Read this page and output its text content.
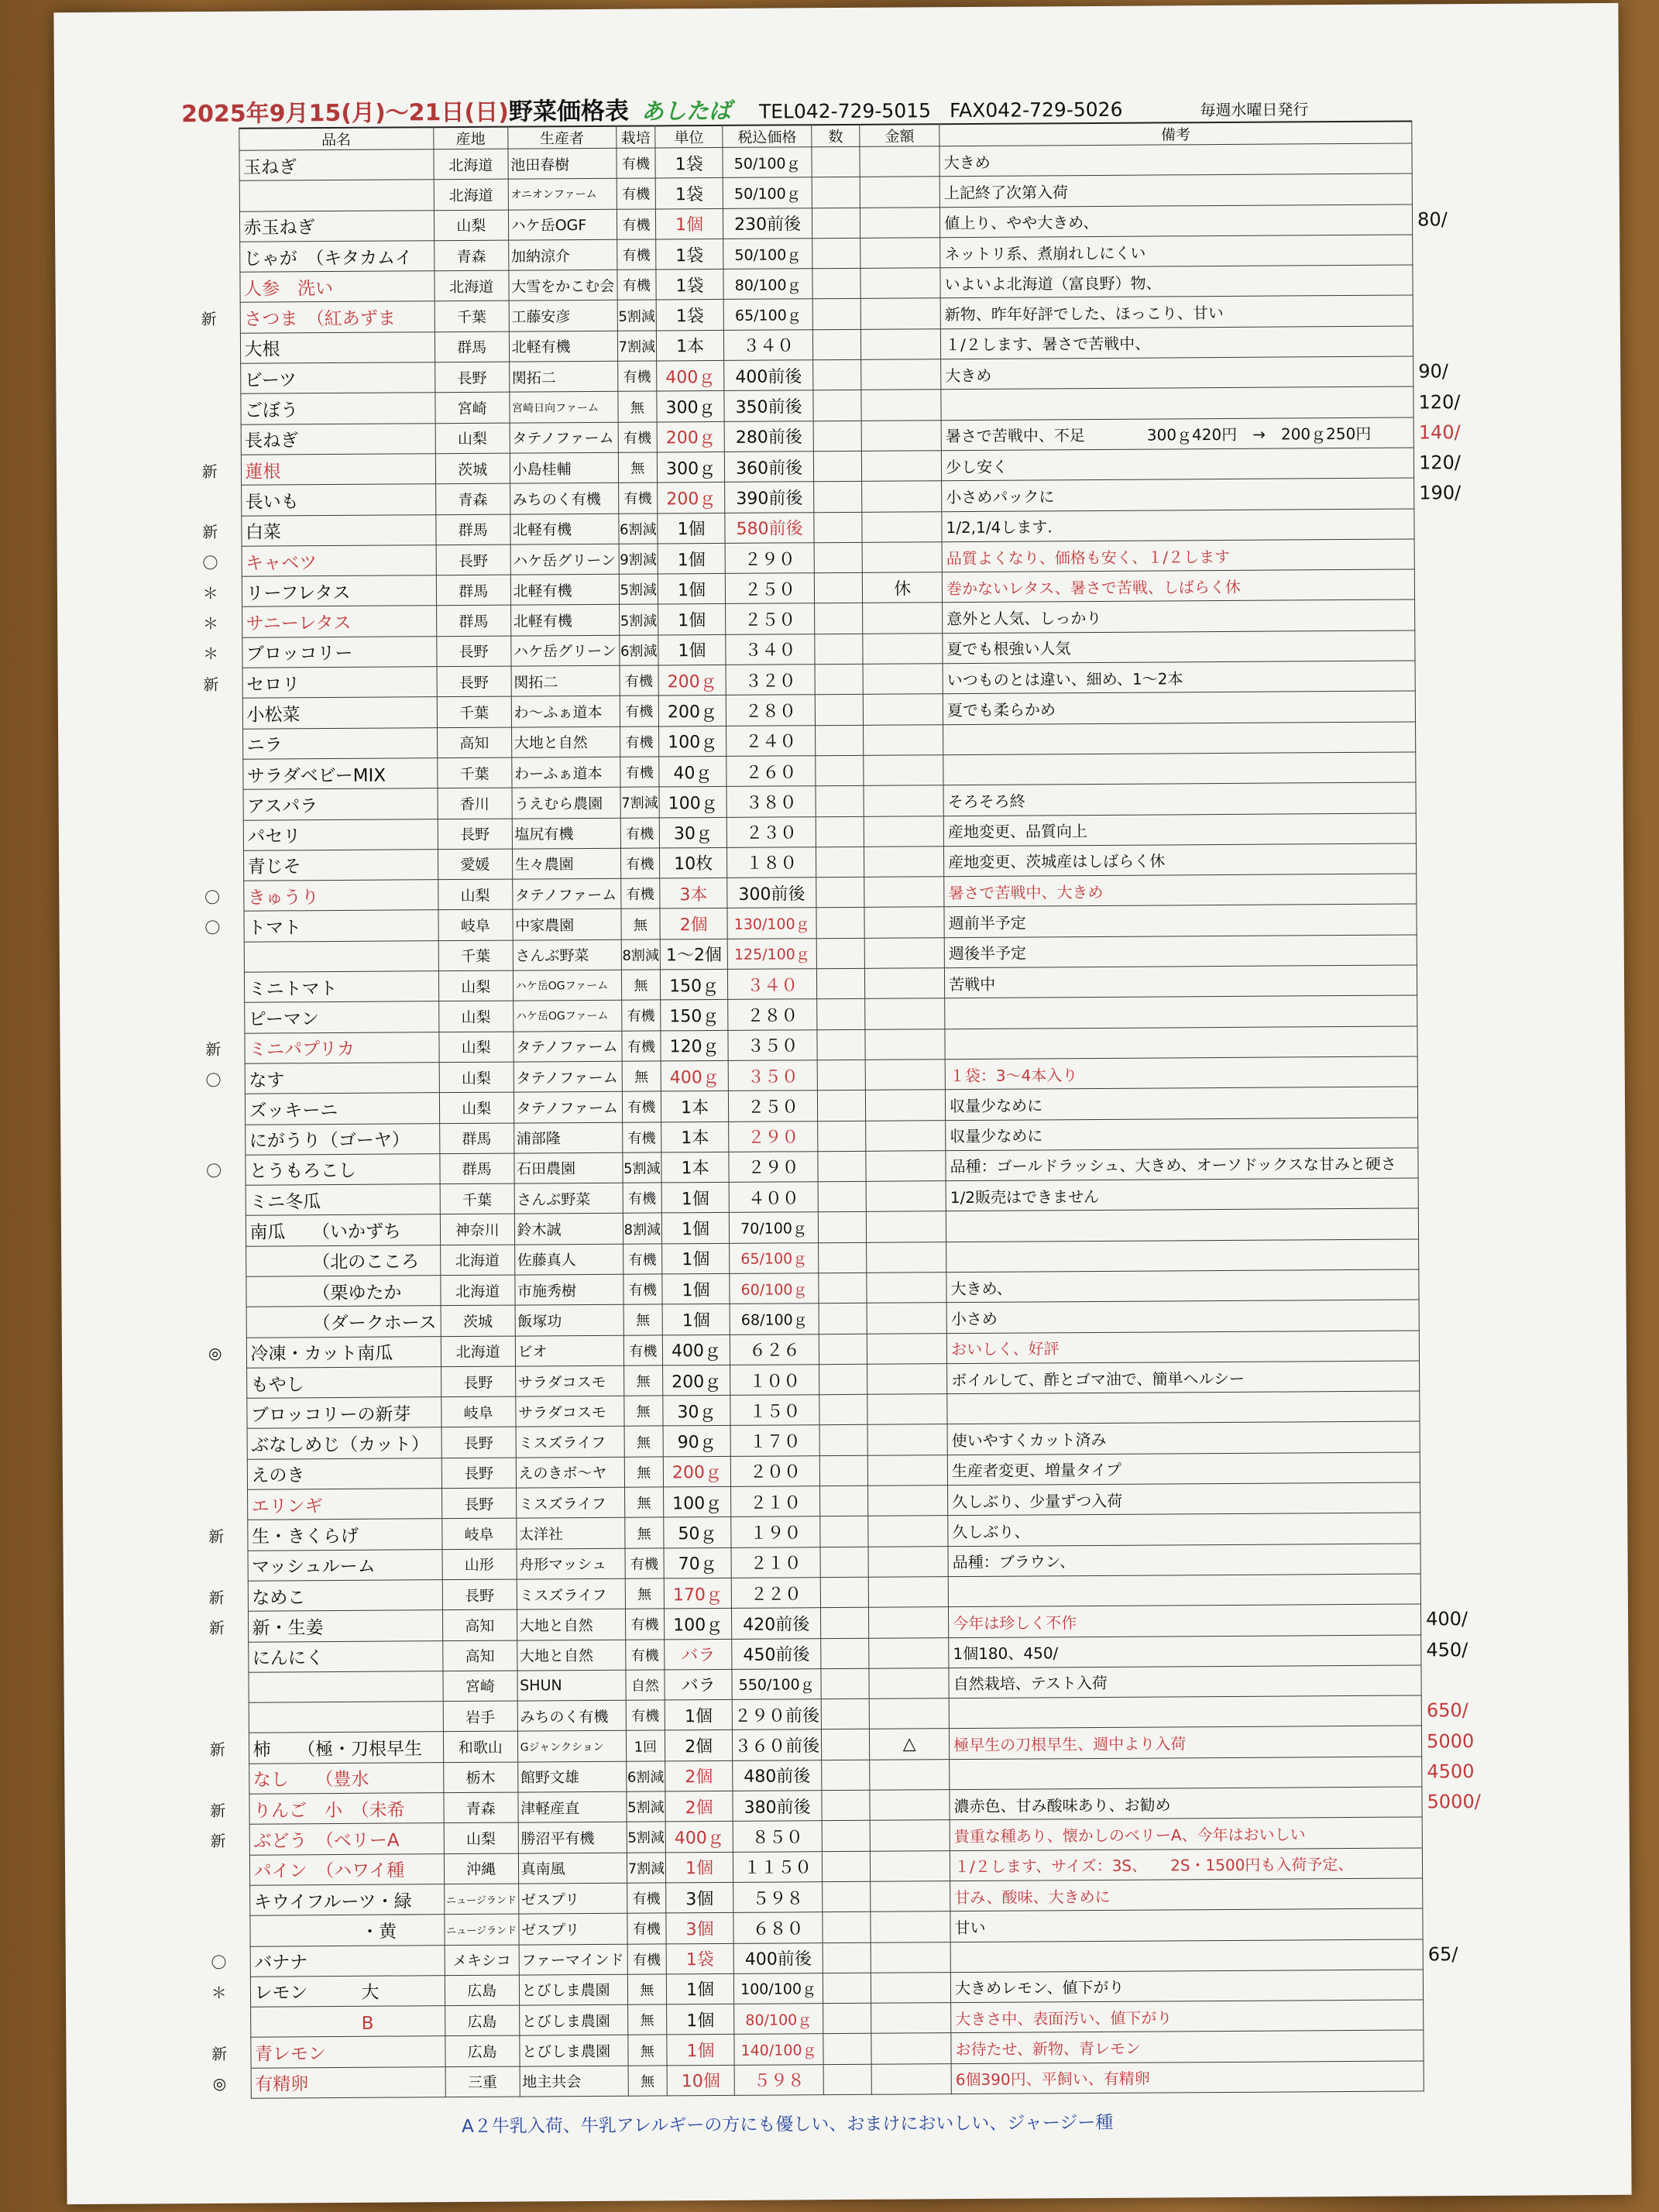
2025年9月15(月)～21日(日) 野菜価格表 あしたば TEL042-729-5015 FAX042-729-5026	毎週水曜日発行
	品名	産地	生産者	栽培	単位	税込価格	数	金額	備考	
	玉ねぎ	北海道	池田春樹	有機	1袋	50/100ｇ			大きめ	
		北海道	オニオンファーム	有機	1袋	50/100ｇ			上記終了次第入荷	
	赤玉ねぎ	山梨	ハケ岳OGF	有機	1個	230前後			値上り、やや大きめ、	80/
	じゃが　（キタカムイ	青森	加納涼介	有機	1袋	50/100ｇ			ネットリ系、煮崩れしにくい	
	人参　洗い	北海道	大雪をかこむ会	有機	1袋	80/100ｇ			いよいよ北海道（富良野）物、	
新	さつま　（紅あずま	千葉	工藤安彦	5割減	1袋	65/100ｇ			新物、昨年好評でした、ほっこり、甘い	
	大根	群馬	北軽有機	7割減	1本	３４０			１/２します、暑さで苦戦中、	
	ビーツ	長野	関拓二	有機	400ｇ	400前後			大きめ	90/
	ごぼう	宮崎	宮崎日向ファーム	無	300ｇ	350前後				120/
	長ねぎ	山梨	タテノファーム	有機	200ｇ	280前後			暑さで苦戦中、不足　　　　300ｇ420円　→　200ｇ250円	140/
新	蓮根	茨城	小島桂輔	無	300ｇ	360前後			少し安く	120/
	長いも	青森	みちのく有機	有機	200ｇ	390前後			小さめパックに	190/
新	白菜	群馬	北軽有機	6割減	1個	580前後			1/2,1/4します.	
〇	キャベツ	長野	ハケ岳グリーン	9割減	1個	２９０			品質よくなり、価格も安く、１/２します	
＊	リーフレタス	群馬	北軽有機	5割減	1個	２５０		休	巻かないレタス、暑さで苦戦、しばらく休	
＊	サニーレタス	群馬	北軽有機	5割減	1個	２５０			意外と人気、しっかり	
＊	ブロッコリー	長野	ハケ岳グリーン	6割減	1個	３４０			夏でも根強い人気	
新	セロリ	長野	関拓二	有機	200ｇ	３２０			いつものとは違い、細め、1～2本	
	小松菜	千葉	わ～ふぁ道本	有機	200ｇ	２８０			夏でも柔らかめ	
	ニラ	高知	大地と自然	有機	100ｇ	２４０				
	サラダベビーMIX	千葉	わーふぁ道本	有機	40ｇ	２６０				
	アスパラ	香川	うえむら農園	7割減	100ｇ	３８０			そろそろ終	
	パセリ	長野	塩尻有機	有機	30ｇ	２３０			産地変更、品質向上	
	青じそ	愛媛	生々農園	有機	10枚	１８０			産地変更、茨城産はしばらく休	
〇	きゅうり	山梨	タテノファーム	有機	3本	300前後			暑さで苦戦中、大きめ	
〇	トマト	岐阜	中家農園	無	2個	130/100ｇ			週前半予定	
		千葉	さんぶ野菜	8割減	1～2個	125/100ｇ			週後半予定	
	ミニトマト	山梨	ハケ岳OGファーム	無	150ｇ	３４０			苦戦中	
	ピーマン	山梨	ハケ岳OGファーム	有機	150ｇ	２８０				
新	ミニパプリカ	山梨	タテノファーム	有機	120ｇ	３５０				
〇	なす	山梨	タテノファーム	無	400ｇ	３５０			１袋：3～4本入り	
	ズッキーニ	山梨	タテノファーム	有機	1本	２５０			収量少なめに	
	にがうり（ゴーヤ）	群馬	浦部隆	有機	1本	２９０			収量少なめに	
〇	とうもろこし	群馬	石田農園	5割減	1本	２９０			品種：ゴールドラッシュ、大きめ、オーソドックスな甘みと硬さ	
	ミニ冬瓜	千葉	さんぶ野菜	有機	1個	４００			1/2販売はできません	
	南瓜　　（いかずち	神奈川	鈴木誠	8割減	1個	70/100ｇ				
	　　　　（北のこころ	北海道	佐藤真人	有機	1個	65/100ｇ				
	　　　　（栗ゆたか	北海道	市施秀樹	有機	1個	60/100ｇ			大きめ、	
	　　　　（ダークホース	茨城	飯塚功	無	1個	68/100ｇ			小さめ	
◎	冷凍・カット南瓜	北海道	ビオ	有機	400ｇ	６２６			おいしく、好評	
	もやし	長野	サラダコスモ	無	200ｇ	１００			ボイルして、酢とゴマ油で、簡単ヘルシー	
	ブロッコリーの新芽	岐阜	サラダコスモ	無	30ｇ	１５０				
	ぶなしめじ（カット）	長野	ミスズライフ	無	90ｇ	１７０			使いやすくカット済み	
	えのき	長野	えのきボ～ヤ	無	200ｇ	２００			生産者変更、増量タイプ	
	エリンギ	長野	ミスズライフ	無	100ｇ	２１０			久しぶり、少量ずつ入荷	
新	生・きくらげ	岐阜	太洋社	無	50ｇ	１９０			久しぶり、	
	マッシュルーム	山形	舟形マッシュ	有機	70ｇ	２１０			品種：ブラウン、	
新	なめこ	長野	ミスズライフ	無	170ｇ	２２０				
新	新・生姜	高知	大地と自然	有機	100ｇ	420前後			今年は珍しく不作	400/
	にんにく	高知	大地と自然	有機	バラ	450前後			1個180、450/	450/
		宮崎	SHUN	自然	バラ	550/100ｇ			自然栽培、テスト入荷	
		岩手	みちのく有機	有機	1個	２９０前後				650/
新	柿　　（極・刀根早生	和歌山	Gジャンクション	1回	2個	３６０前後		△	極早生の刀根早生、週中より入荷	5000
	なし　　（豊水	栃木	館野文雄	6割減	2個	480前後				4500
新	りんご　小　（未希	青森	津軽産直	5割減	2個	380前後			濃赤色、甘み酸味あり、お勧め	5000/
新	ぶどう　（ベリーA	山梨	勝沼平有機	5割減	400ｇ	８５０			貴重な種あり、懐かしのベリーA、今年はおいしい	
	パイン　（ハワイ種	沖縄	真南風	7割減	1個	１１５０			１/２します、サイズ：3S、　　2S・1500円も入荷予定、	
	キウイフルーツ・緑	ニュージランド	ゼスプリ	有機	3個	５９８			甘み、酸味、大きめに	
	　　　　　　・黄	ニュージランド	ゼスプリ	有機	3個	６８０			甘い	
〇	バナナ	メキシコ	ファーマインド	有機	1袋	400前後				65/
＊	レモン　　　大	広島	とびしま農園	無	1個	100/100ｇ			大きめレモン、値下がり	
	　　　　　　B	広島	とびしま農園	無	1個	80/100ｇ			大きさ中、表面汚い、値下がり	
新	青レモン	広島	とびしま農園	無	1個	140/100ｇ			お待たせ、新物、青レモン	
◎	有精卵	三重	地主共会	無	10個	５９８			6個390円、平飼い、有精卵	
A２牛乳入荷、牛乳アレルギーの方にも優しい、おまけにおいしい、ジャージー種
